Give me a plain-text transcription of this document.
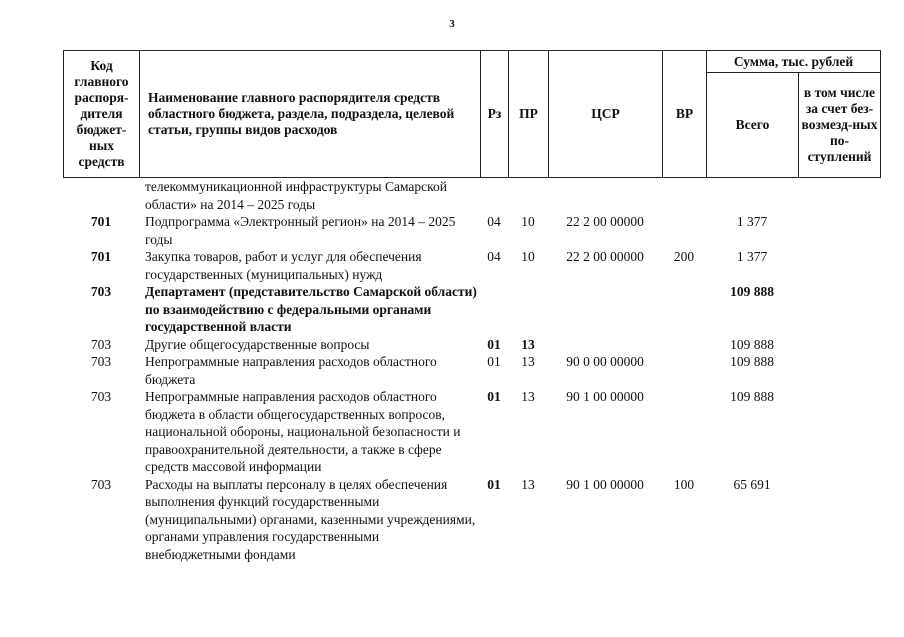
3
Код главного распоря-дителя бюджет-ных средств	Наименование главного распорядителя средств областного бюджета, раздела, подраздела, целевой статьи, группы видов расходов	Рз	ПР	ЦСР	ВР	Сумма, тыс. рублей	
						Всего	в том числе за счет без-возмезд-ных по-ступлений
	телекоммуникационной инфраструктуры Самарской области» на 2014 – 2025 годы						
701	Подпрограмма «Электронный регион» на 2014 – 2025 годы	04	10	22 2 00 00000		1 377	
701	Закупка товаров, работ и услуг для обеспечения государственных (муниципальных) нужд	04	10	22 2 00 00000	200	1 377	
703	Департамент (представительство Самарской области) по взаимодействию с федеральными органами государственной власти					109 888	
703	Другие общегосударственные вопросы	01	13			109 888	
703	Непрограммные направления расходов областного бюджета	01	13	90 0 00 00000		109 888	
703	Непрограммные направления расходов областного бюджета в области общегосударственных вопросов, национальной обороны, национальной безопасности и правоохранительной деятельности, а также в сфере средств массовой информации	01	13	90 1 00 00000		109 888	
703	Расходы на выплаты персоналу в целях обеспечения выполнения функций государственными (муниципальными) органами, казенными учреждениями, органами управления государственными внебюджетными фондами	01	13	90 1 00 00000	100	65 691	
